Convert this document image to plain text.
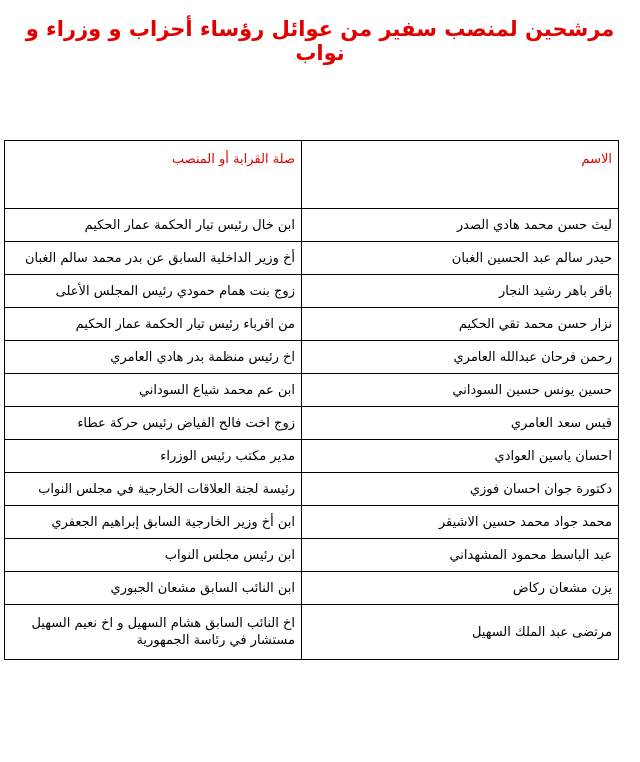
مرشحين لمنصب سفير من عوائل رؤساء أحزاب و وزراء و نواب
الاسم	صلة القرابة أو المنصب
ليث حسن محمد هادي الصدر	ابن خال رئيس تيار الحكمة عمار الحكيم
حيدر سالم عبد الحسين الغبان	أخ وزير الداخلية السابق عن بدر محمد سالم الغبان
باقر باهر رشيد النجار	زوج بنت همام حمودي رئيس المجلس الأعلى
نزار حسن محمد تقي الحكيم	من اقرباء رئيس تيار الحكمة عمار الحكيم
رحمن فرحان عبدالله العامري	اخ رئيس منظمة بدر هادي العامري
حسين يونس حسين السوداني	ابن عم محمد شياع السوداني
قيس سعد العامري	زوج اخت فالح الفياض رئيس حركة عطاء
احسان ياسين العوادي	مدير مكتب رئيس الوزراء
دكتورة جوان احسان فوزي	رئيسة لجنة العلاقات الخارجية في مجلس النواب
محمد جواد محمد حسين الاشيقر	ابن أخ وزير الخارجية السابق إبراهيم الجعفري
عبد الباسط محمود المشهداني	ابن رئيس مجلس النواب
يزن مشعان ركاض	ابن النائب السابق مشعان الجبوري
مرتضى عبد الملك السهيل	اخ النائب السابق هشام السهيل و اخ نعيم السهيل مستشار في رئاسة الجمهورية
